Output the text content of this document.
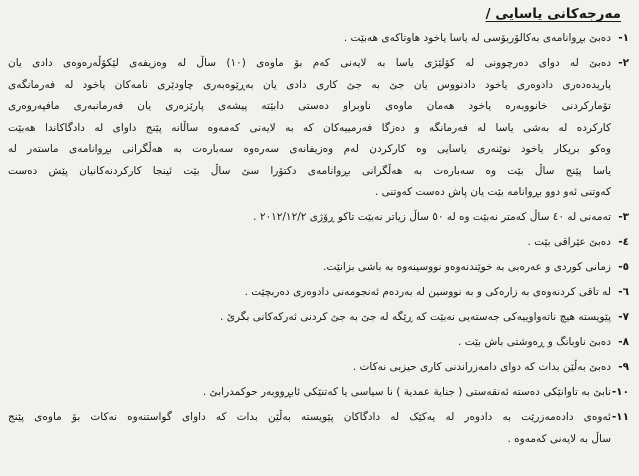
مەرجەکانی یاسایی /
١-
دەبێ بڕوانامەی بەکالۆریۆسی لە یاسا یاخود هاوتاکەی هەبێت .
٢-
دەبێ لە دوای دەرچوونی لە کۆلێژی یاسا بە لایەنی کەم بۆ ماوەی (١٠) ساڵ لە وەزیفەی لێکۆڵەرەوەی دادی یان
یاریدەدەری دادوەری یاخود دادنووس یان جێ بە جێ کاری دادی یان بەڕێوەبەری چاودێری نامەکان یاخود لە فەرمانگەی
تۆمارکردنی خانووبەرە یاخود هەمان ماوەی ناوبراو دەستی دابێتە پیشەی پارێزەری یان فەرمانبەری مافپەروەری
کارکردە لە بەشی یاسا لە فەرمانگە و دەزگا فەرمییەکان کە بە لایەنی کەمەوە ساڵانە پێنج داوای لە دادگاکاندا هەبێت
وەکو بریکار یاخود نوێنەری یاسایی وە کارکردن لەم وەزیفانەی سەرەوە سەبارەت بە هەڵگرانی بڕوانامەی ماستەر لە
یاسا پێنج ساڵ بێت وە سەبارەت بە هەڵگرانی بڕوانامەی دکتۆرا سێ ساڵ بێت ئینجا کارکردنەکانیان پێش دەست
کەوتنی ئەو دوو بڕوانامە بێت یان پاش دەست کەوتنی .
٣-
تەمەنی لە ٤٠ ساڵ کەمتر نەبێت وە لە ٥٠ ساڵ زیاتر نەبێت تاکو ڕۆژی ٢٠١٢/١٢/٢ .
٤-
دەبێ عێراقی بێت .
٥-
زمانی کوردی و عەرەبی بە خوێندنەوەو نووسینەوە بە باشی بزانێت.
٦-
لە تاقی کردنەوەی بە زارەکی و بە نووسین لە بەردەم ئەنجومەنی دادوەری دەربچێت .
٧-
پێویستە هیچ ناتەواوییەکی جەستەیی نەبێت کە ڕێگە لە جێ بە جێ کردنی ئەرکەکانی بگرێ .
٨-
دەبێ ناوبانگ و ڕەوشتی باش بێت .
٩-
دەبێ بەڵێن بدات کە دوای دامەزراندنی کاری حیزبی نەکات .
١٠-
نابێ بە تاوانێکی دەستە ئەنقەستی ( جنایة عمدیة ) نا سیاسی یا کەتنێکی ئابڕووبەر حوکمدرابێ .
١١-
ئەوەی دادەمەزرێت بە دادوەر لە یەکێک لە دادگاکان پێویستە بەڵێن بدات کە داوای گواستنەوە نەکات بۆ ماوەی پێنج
ساڵ بە لایەنی کەمەوە .
